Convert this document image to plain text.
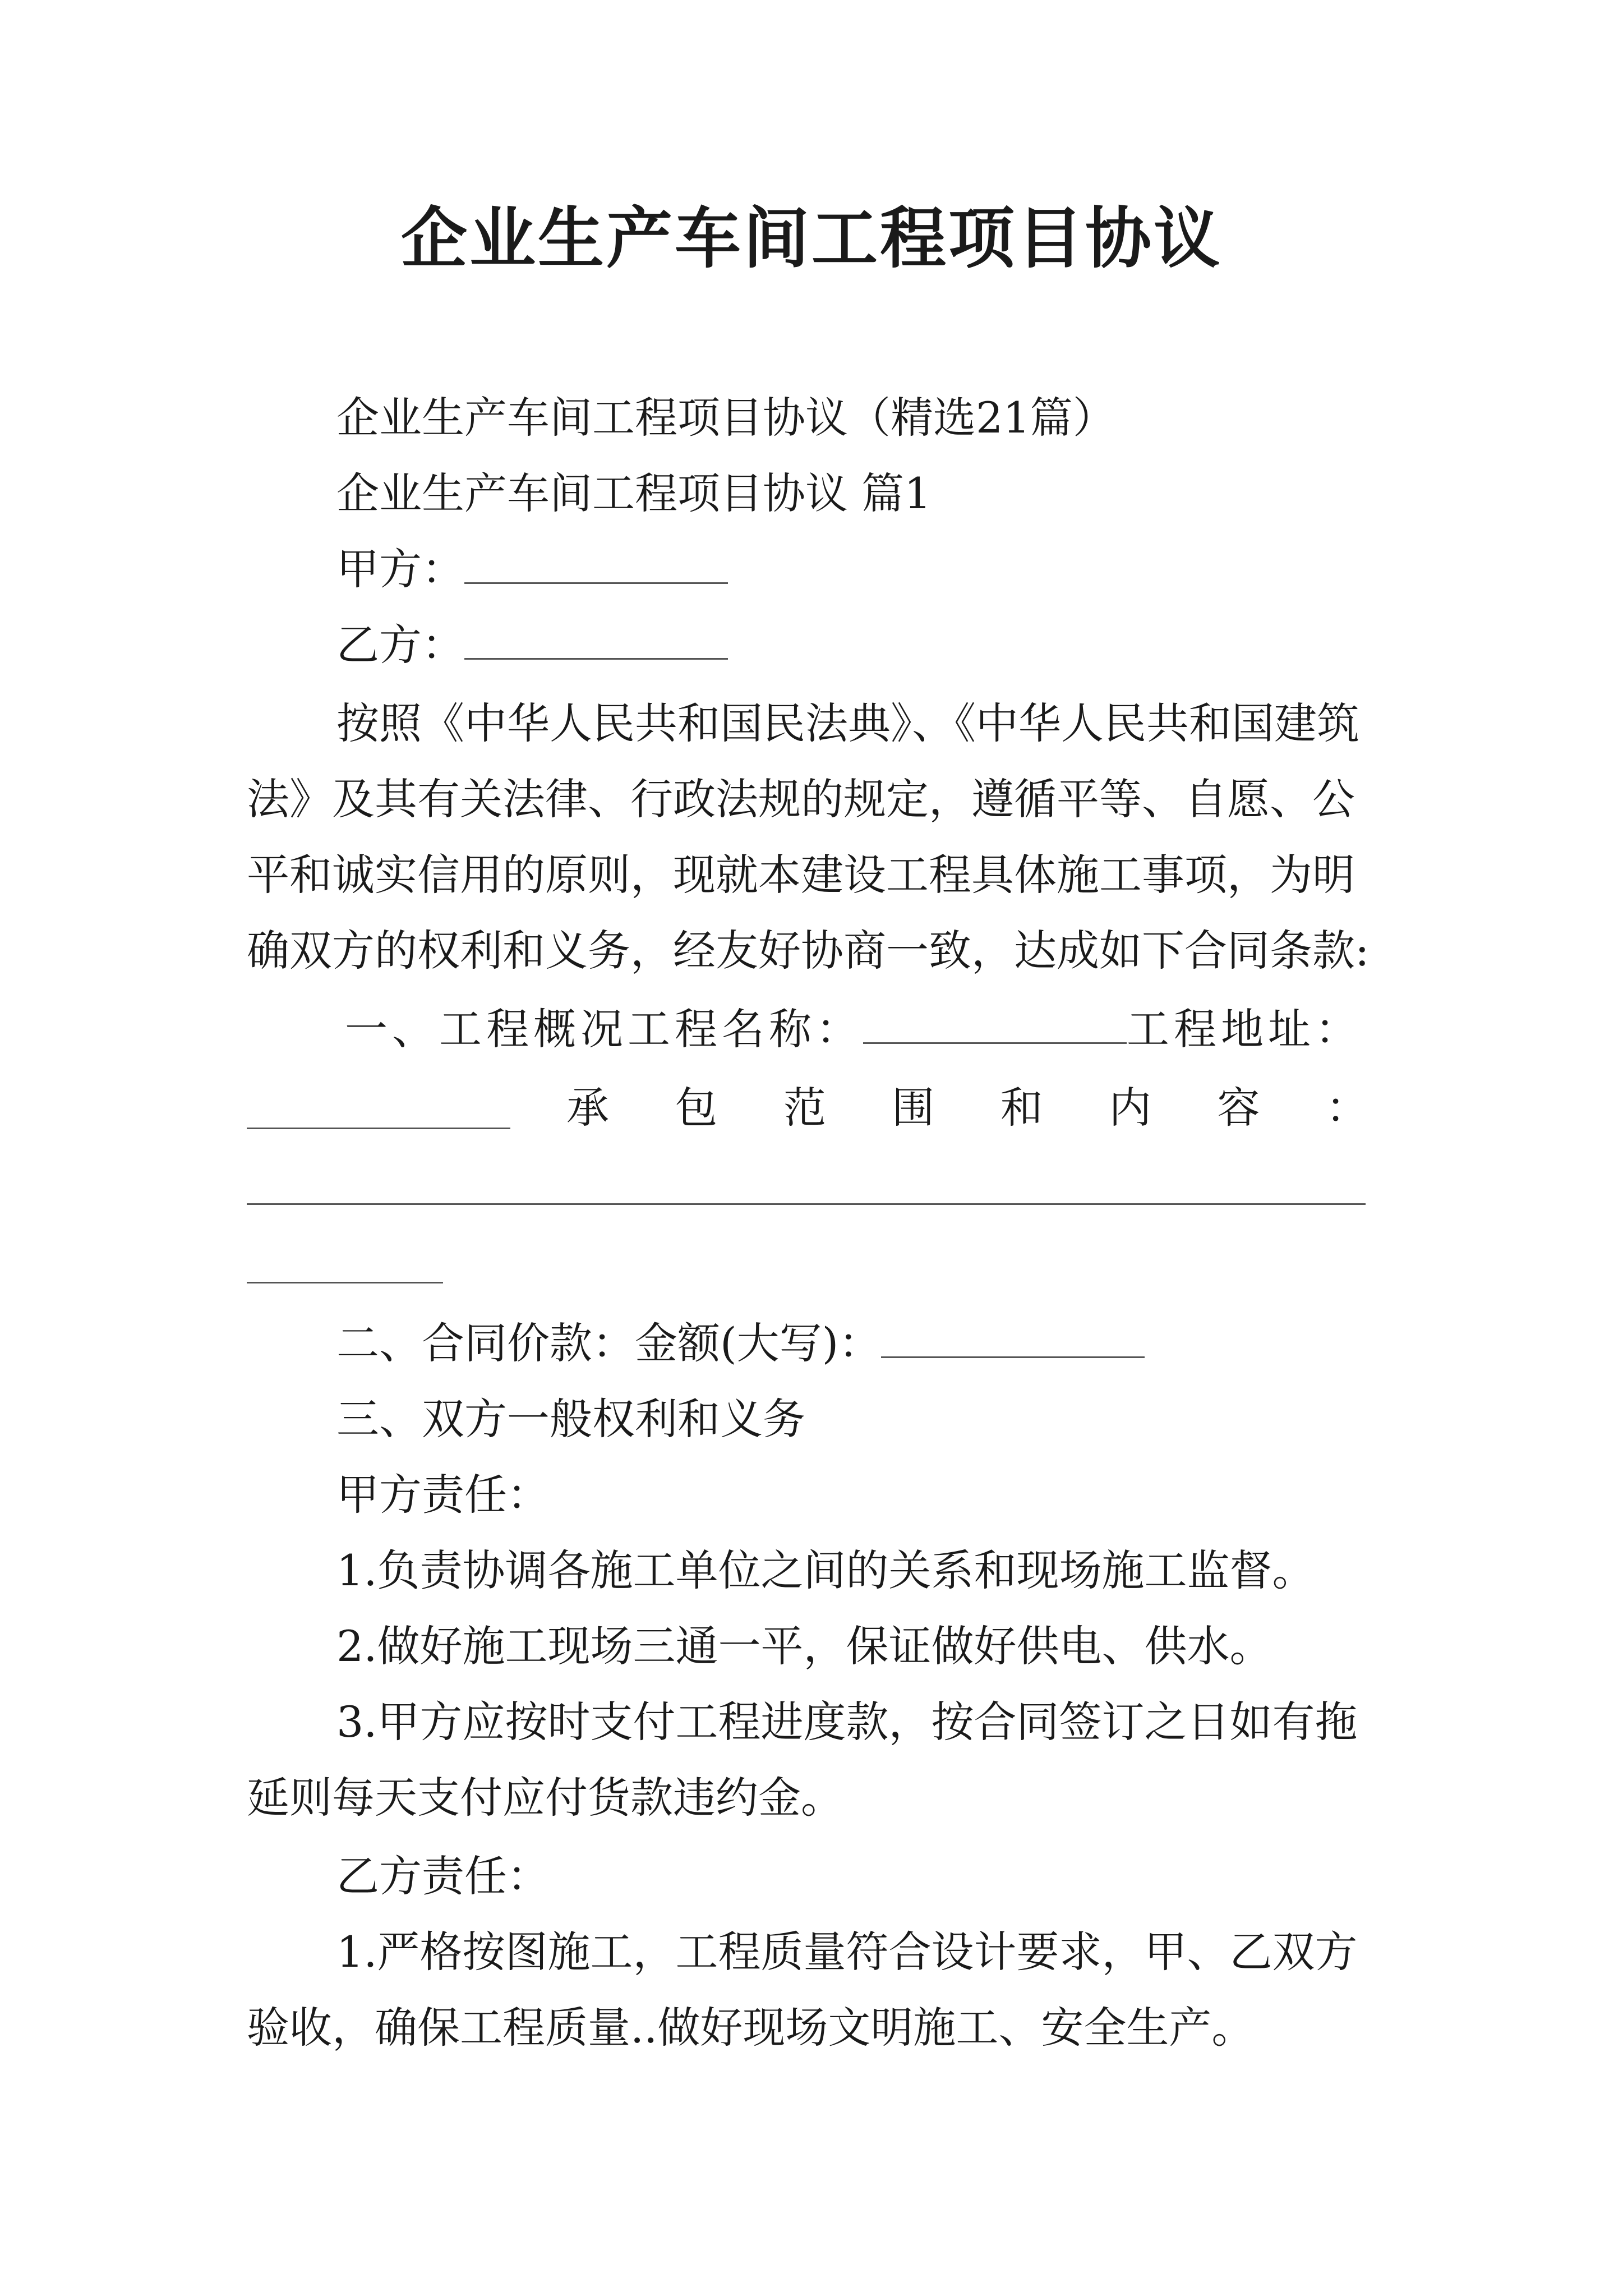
企业生产车间工程项目协议
企业生产车间工程项目协议（精选21篇）
企业生产车间工程项目协议 篇1
甲方：
乙方：
按照《中华人民共和国民法典》、《中华人民共和国建筑
法》及其有关法律、行政法规的规定，遵循平等、自愿、公
平和诚实信用的原则，现就本建设工程具体施工事项，为明
确双方的权利和义务，经友好协商一致，达成如下合同条款:
一、工程概况工程名称：	工程地址：
承 包 范 围 和 内 容 ：
二、合同价款：金额(大写)：
三、双方一般权利和义务
甲方责任：
1.负责协调各施工单位之间的关系和现场施工监督。
2.做好施工现场三通一平，保证做好供电、供水。
3.甲方应按时支付工程进度款，按合同签订之日如有拖
延则每天支付应付货款违约金。
乙方责任：
1.严格按图施工，工程质量符合设计要求，甲、乙双方
验收，确保工程质量..做好现场文明施工、安全生产。
